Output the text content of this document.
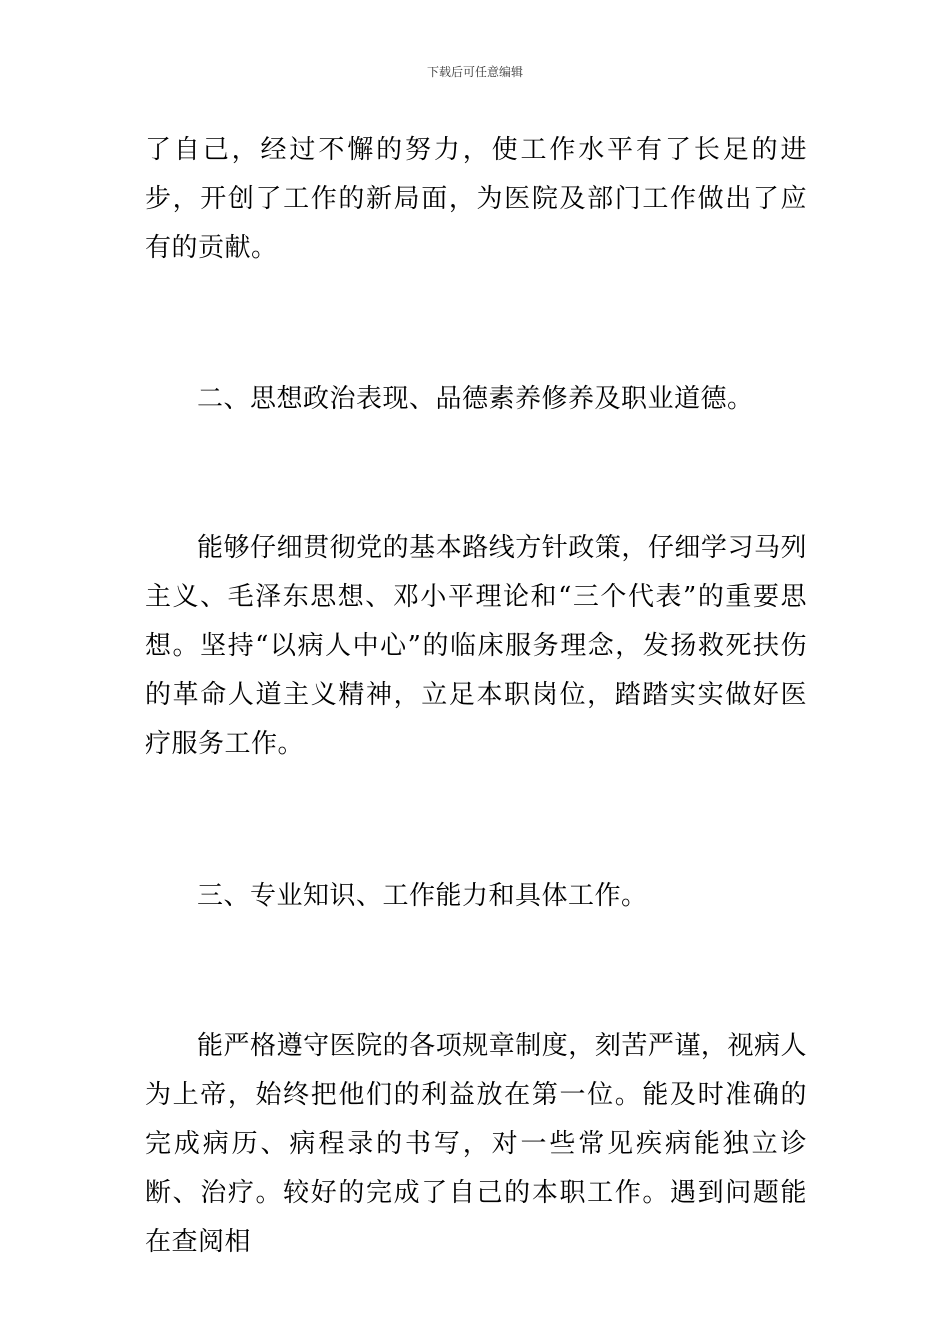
下载后可任意编辑

了自己，经过不懈的努力，使工作水平有了长足的进步，开创了工作的新局面，为医院及部门工作做出了应有的贡献。

二、思想政治表现、品德素养修养及职业道德。

能够仔细贯彻党的基本路线方针政策，仔细学习马列主义、毛泽东思想、邓小平理论和“三个代表”的重要思想。坚持“以病人中心”的临床服务理念，发扬救死扶伤的革命人道主义精神，立足本职岗位，踏踏实实做好医疗服务工作。

三、专业知识、工作能力和具体工作。

能严格遵守医院的各项规章制度，刻苦严谨，视病人为上帝，始终把他们的利益放在第一位。能及时准确的完成病历、病程录的书写，对一些常见疾病能独立诊断、治疗。较好的完成了自己的本职工作。遇到问题能在查阅相
